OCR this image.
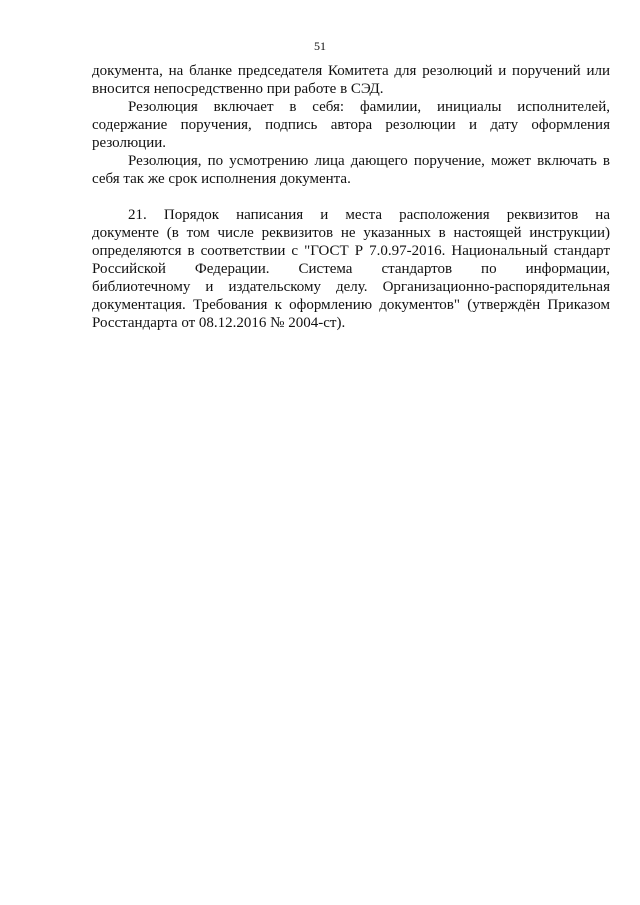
51
документа, на бланке председателя Комитета для резолюций и поручений или
вносится непосредственно при работе в СЭД.
Резолюция включает в себя: фамилии, инициалы исполнителей,
содержание поручения, подпись автора резолюции и дату оформления
резолюции.
Резолюция, по усмотрению лица дающего поручение, может включать в
себя так же срок исполнения документа.
21. Порядок написания и места расположения реквизитов на
документе (в том числе реквизитов не указанных в настоящей инструкции)
определяются в соответствии с "ГОСТ Р 7.0.97-2016. Национальный стандарт
Российской Федерации. Система стандартов по информации,
библиотечному и издательскому делу. Организационно-распорядительная
документация. Требования к оформлению документов" (утверждён Приказом
Росстандарта от 08.12.2016 № 2004-ст).
